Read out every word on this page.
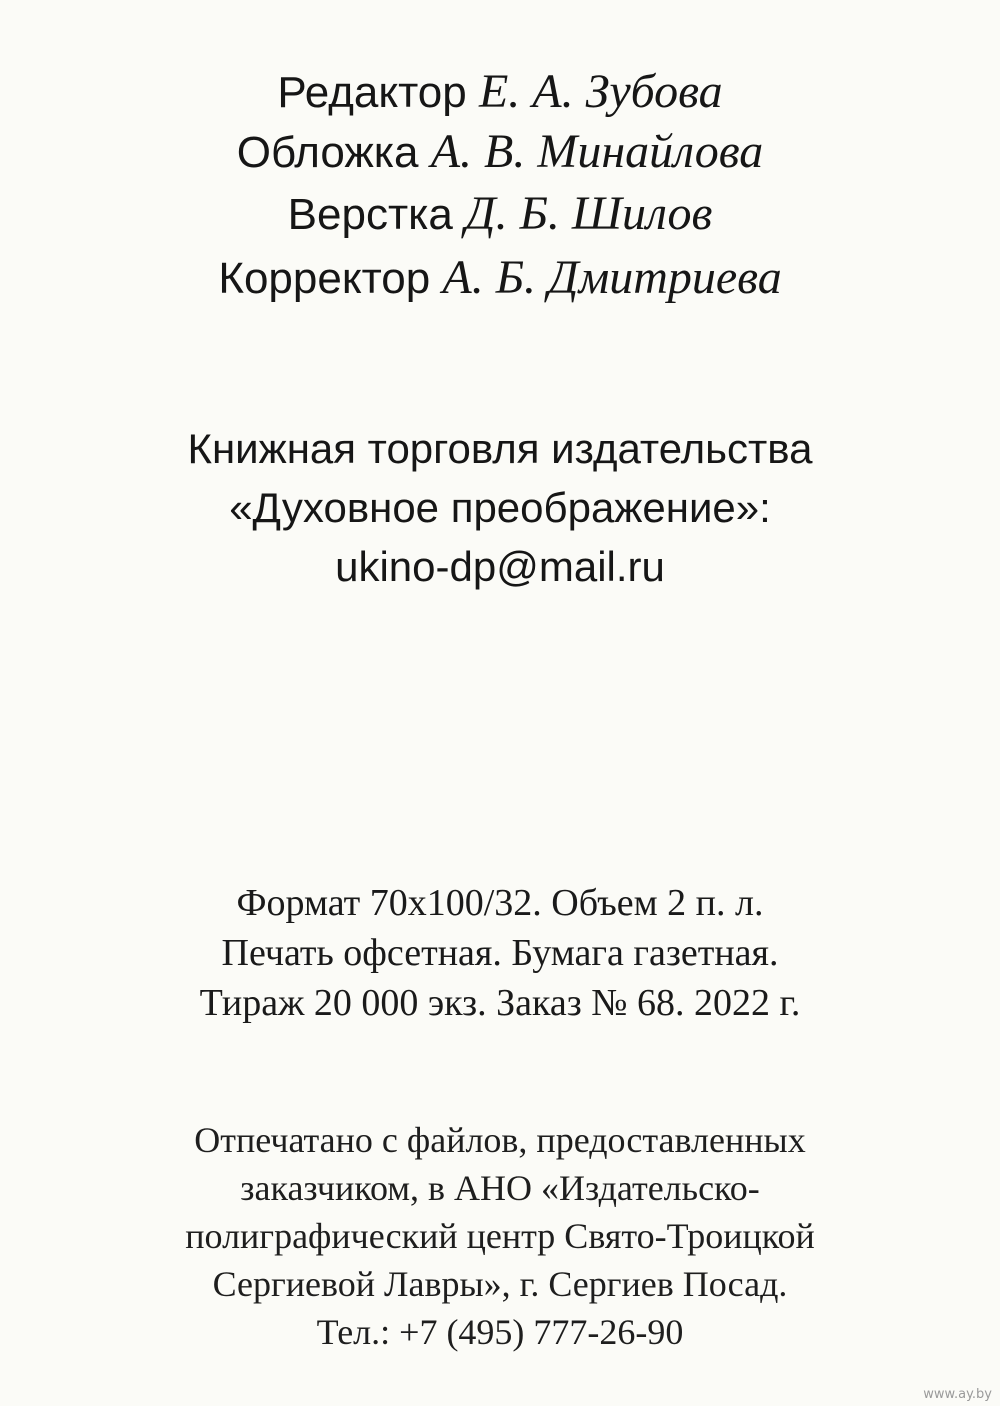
Редактор Е. А. Зубова
Обложка А. В. Минайлова
Верстка Д. Б. Шилов
Корректор А. Б. Дмитриева
Книжная торговля издательства
«Духовное преображение»:
ukino-dp@mail.ru
Формат 70x100/32. Объем 2 п. л.
Печать офсетная. Бумага газетная.
Тираж 20 000 экз. Заказ № 68. 2022 г.
Отпечатано с файлов, предоставленных
заказчиком, в АНО «Издательско-
полиграфический центр Свято-Троицкой
Сергиевой Лавры», г. Сергиев Посад.
Тел.: +7 (495) 777-26-90
www.ay.by
